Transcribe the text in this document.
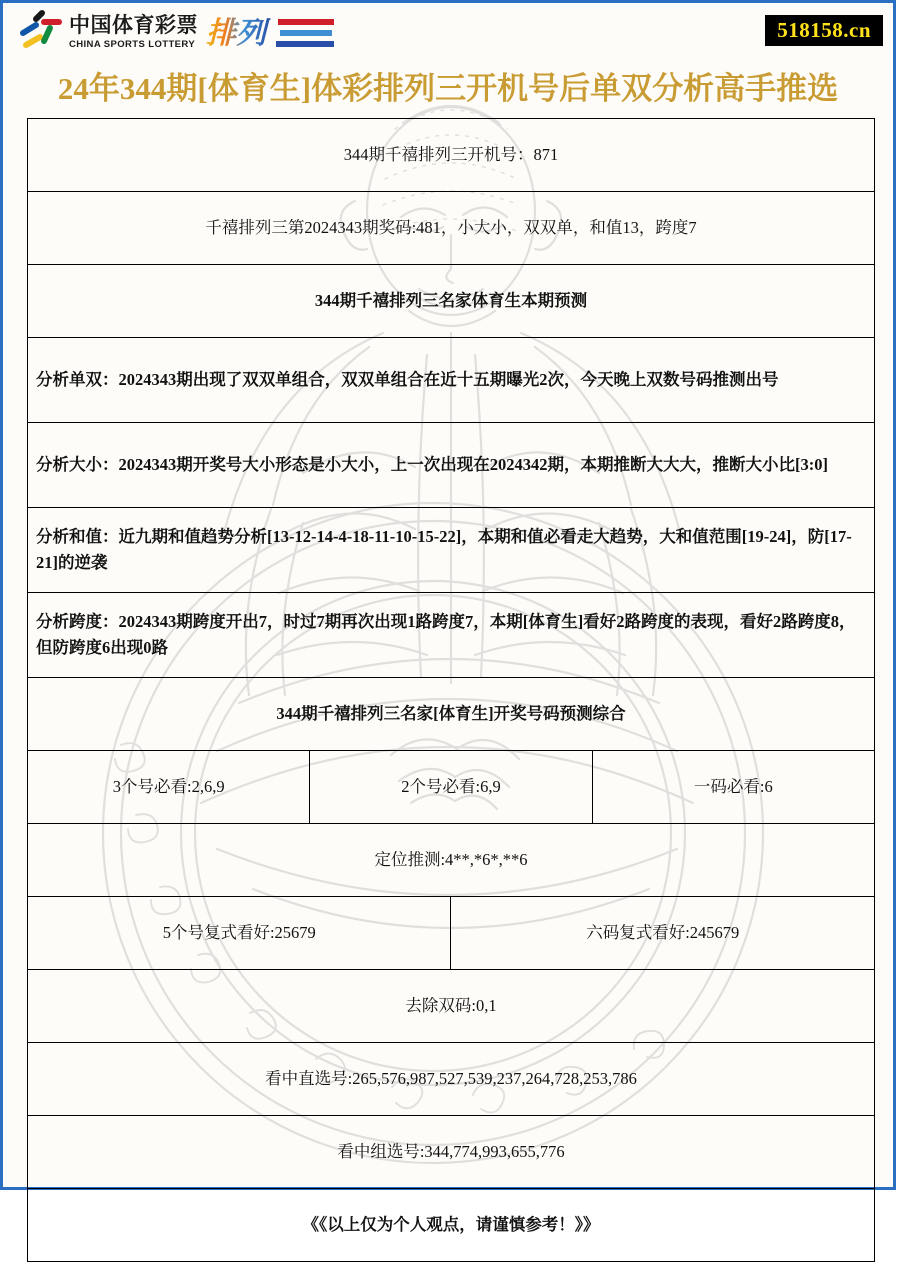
中国体育彩票
CHINA SPORTS LOTTERY 排列	518158.cn
24年344期[体育生]体彩排列三开机号后单双分析高手推选
344期千禧排列三开机号：871			
千禧排列三第2024343期奖码:481，小大小，双双单，和值13，跨度7			
344期千禧排列三名家体育生本期预测			
分析单双：2024343期出现了双双单组合，双双单组合在近十五期曝光2次，今天晚上双数号码推测出号			
分析大小：2024343期开奖号大小形态是小大小，上一次出现在2024342期，本期推断大大大，推断大小比[3:0]			
分析和值：近九期和值趋势分析[13-12-14-4-18-11-10-15-22]，本期和值必看走大趋势，大和值范围[19-24]，防[17-21]的逆袭			
分析跨度：2024343期跨度开出7，时过7期再次出现1路跨度7，本期[体育生]看好2路跨度的表现，看好2路跨度8，但防跨度6出现0路			
344期千禧排列三名家[体育生]开奖号码预测综合			
3个号必看:2,6,9	2个号必看:6,9		一码必看:6
定位推测:4**,*6*,**6			
5个号复式看好:25679		六码复式看好:245679	
去除双码:0,1			
看中直选号:265,576,987,527,539,237,264,728,253,786			
看中组选号:344,774,993,655,776			
《《以上仅为个人观点，请谨慎参考！》》			
